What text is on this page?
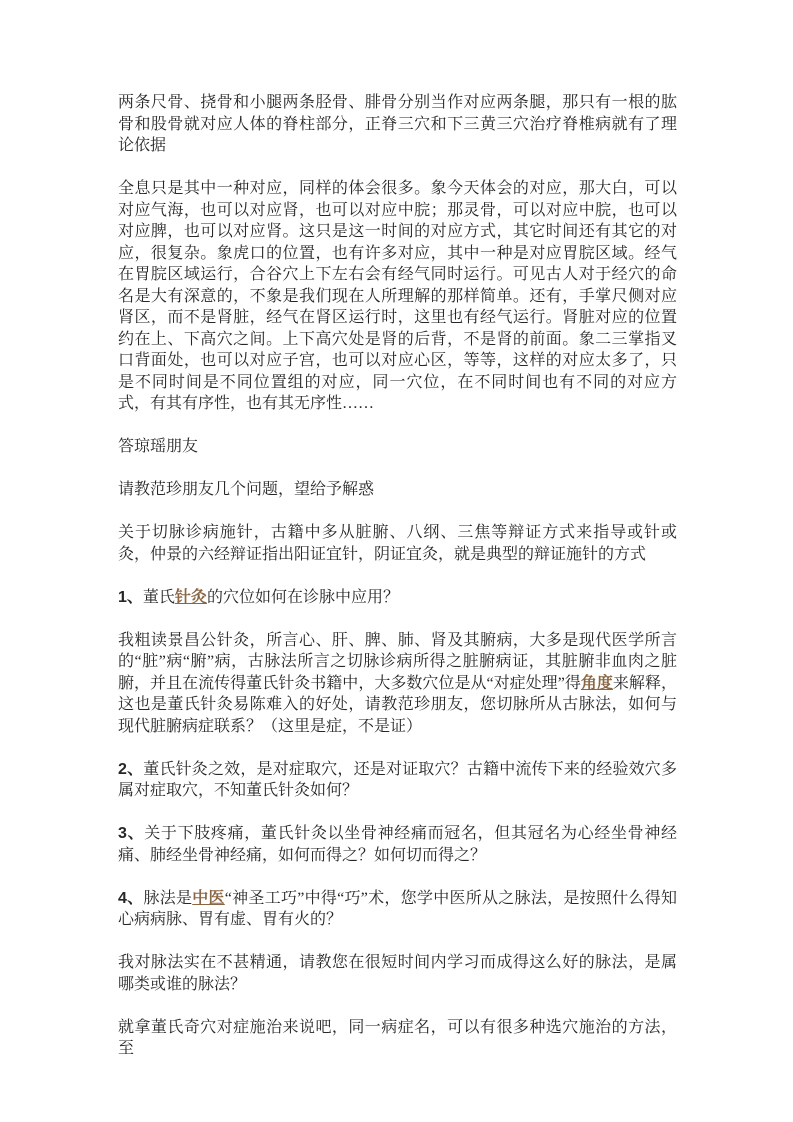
两条尺骨、挠骨和小腿两条胫骨、腓骨分别当作对应两条腿，那只有一根的肱骨和股骨就对应人体的脊柱部分，正脊三穴和下三黄三穴治疗脊椎病就有了理论依据

全息只是其中一种对应，同样的体会很多。象今天体会的对应，那大白，可以对应气海，也可以对应肾，也可以对应中脘；那灵骨，可以对应中脘，也可以对应脾，也可以对应肾。这只是这一时间的对应方式，其它时间还有其它的对应，很复杂。象虎口的位置，也有许多对应，其中一种是对应胃脘区域。经气在胃脘区域运行，合谷穴上下左右会有经气同时运行。可见古人对于经穴的命名是大有深意的，不象是我们现在人所理解的那样简单。还有，手掌尺侧对应肾区，而不是肾脏，经气在肾区运行时，这里也有经气运行。肾脏对应的位置约在上、下高穴之间。上下高穴处是肾的后背，不是肾的前面。象二三掌指叉口背面处，也可以对应子宫，也可以对应心区，等等，这样的对应太多了，只是不同时间是不同位置组的对应，同一穴位，在不同时间也有不同的对应方式，有其有序性，也有其无序性……

答琼瑶朋友

请教范珍朋友几个问题，望给予解惑

关于切脉诊病施针，古籍中多从脏腑、八纲、三焦等辩证方式来指导或针或灸，仲景的六经辩证指出阳证宜针，阴证宜灸，就是典型的辩证施针的方式

1、董氏针灸的穴位如何在诊脉中应用？

我粗读景昌公针灸，所言心、肝、脾、肺、肾及其腑病，大多是现代医学所言的“脏”病“腑”病，古脉法所言之切脉诊病所得之脏腑病证，其脏腑非血肉之脏腑，并且在流传得董氏针灸书籍中，大多数穴位是从“对症处理”得角度来解释，这也是董氏针灸易陈难入的好处，请教范珍朋友，您切脉所从古脉法，如何与现代脏腑病症联系？（这里是症，不是证）

2、董氏针灸之效，是对症取穴，还是对证取穴？古籍中流传下来的经验效穴多属对症取穴，不知董氏针灸如何？

3、关于下肢疼痛，董氏针灸以坐骨神经痛而冠名，但其冠名为心经坐骨神经痛、肺经坐骨神经痛，如何而得之？如何切而得之？

4、脉法是中医“神圣工巧”中得“巧”术，您学中医所从之脉法，是按照什么得知心病病脉、胃有虚、胃有火的？

我对脉法实在不甚精通，请教您在很短时间内学习而成得这么好的脉法，是属哪类或谁的脉法？

就拿董氏奇穴对症施治来说吧，同一病症名，可以有很多种选穴施治的方法，至
